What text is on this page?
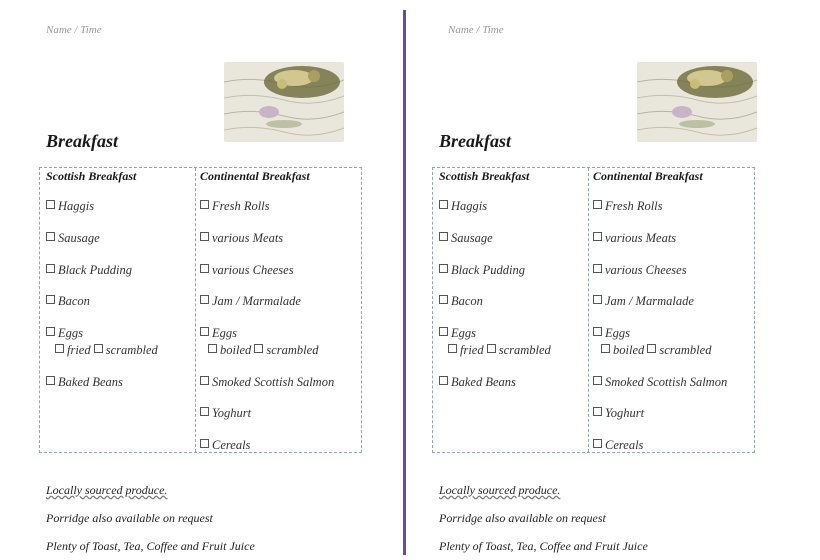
Name / Time
Breakfast
Scottish Breakfast
Haggis
Sausage
Black Pudding
Bacon
Eggs
fried scrambled
Baked Beans
Continental Breakfast
Fresh Rolls
various Meats
various Cheeses
Jam / Marmalade
Eggs
boiled scrambled
Smoked Scottish Salmon
Yoghurt
Cereals
Locally sourced produce.
Porridge also available on request
Plenty of Toast, Tea, Coffee and Fruit Juice
Name / Time
Breakfast
Scottish Breakfast
Haggis
Sausage
Black Pudding
Bacon
Eggs
fried scrambled
Baked Beans
Continental Breakfast
Fresh Rolls
various Meats
various Cheeses
Jam / Marmalade
Eggs
boiled scrambled
Smoked Scottish Salmon
Yoghurt
Cereals
Locally sourced produce.
Porridge also available on request
Plenty of Toast, Tea, Coffee and Fruit Juice
